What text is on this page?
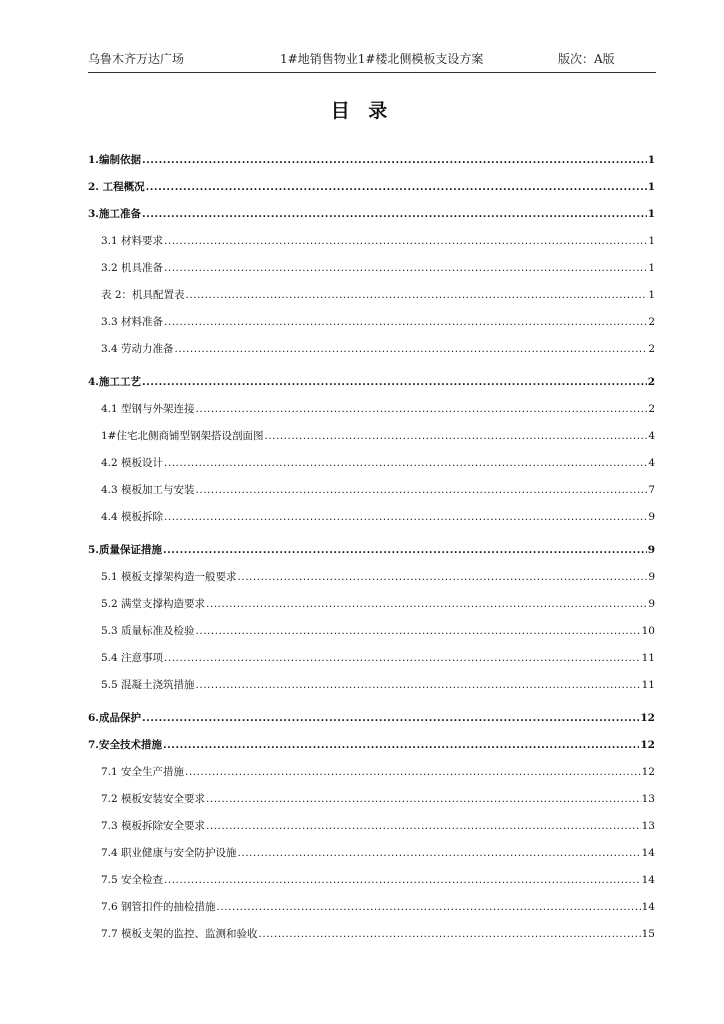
乌鲁木齐万达广场	1#地销售物业1#楼北侧模板支设方案	版次：A版
目 录
1.编制依据 .....	1
2. 工程概况 .....	1
3.施工准备 .....	1
3.1 材料要求 .....	1
3.2 机具准备 .....	1
表 2：机具配置表 .....	1
3.3 材料准备 .....	2
3.4 劳动力准备 .....	2
4.施工工艺 .....	2
4.1 型钢与外架连接 .....	2
1#住宅北侧商铺型钢架搭设剖面图 .....	4
4.2 模板设计 .....	4
4.3 模板加工与安装 .....	7
4.4 模板拆除 .....	9
5.质量保证措施 .....	9
5.1 模板支撑架构造一般要求 .....	9
5.2 满堂支撑构造要求 .....	9
5.3 质量标准及检验 .....	10
5.4 注意事项 .....	11
5.5 混凝土浇筑措施 .....	11
6.成品保护 .....	12
7.安全技术措施 .....	12
7.1 安全生产措施 .....	12
7.2 模板安装安全要求 .....	13
7.3 模板拆除安全要求 .....	13
7.4 职业健康与安全防护设施 .....	14
7.5 安全检查 .....	14
7.6 钢管扣件的抽检措施 .....	14
7.7 模板支架的监控、监测和验收 .....	15
